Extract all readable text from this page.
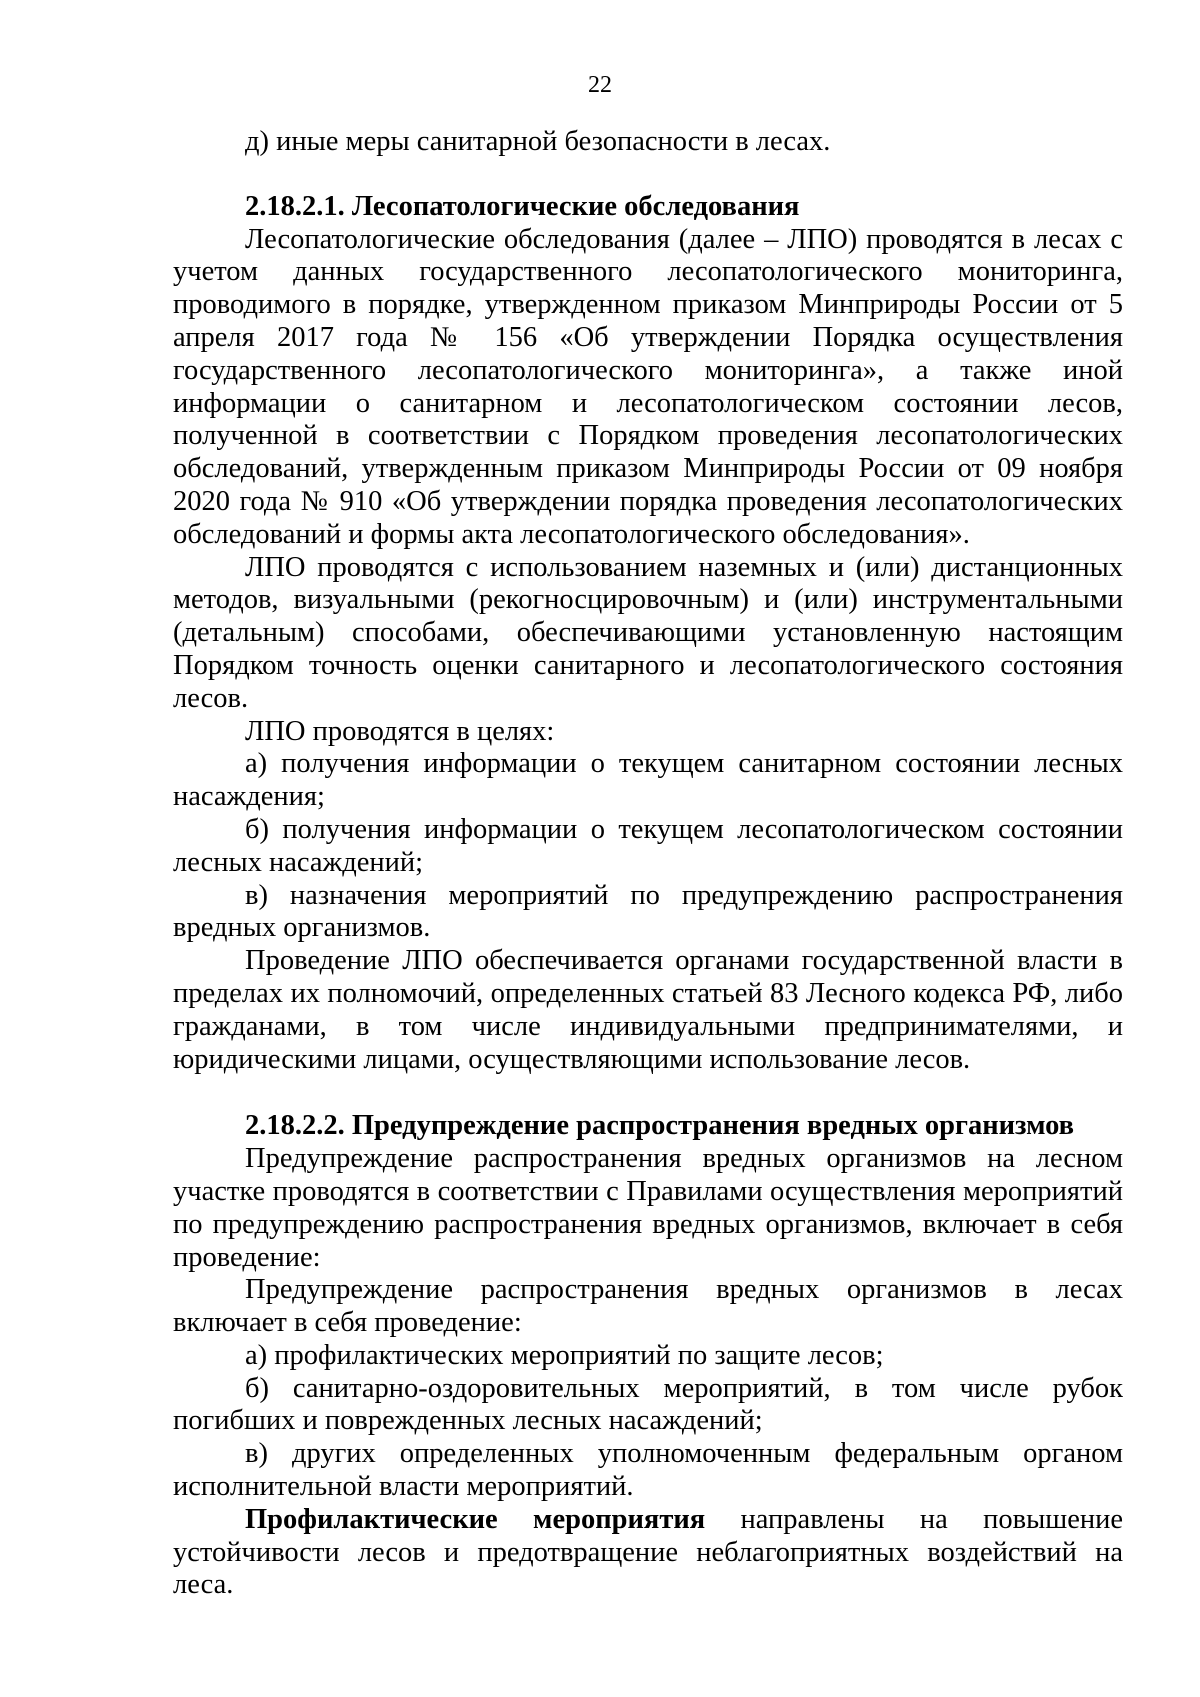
22

д) иные меры санитарной безопасности в лесах.

2.18.2.1. Лесопатологические обследования

Лесопатологические обследования (далее – ЛПО) проводятся в лесах с учетом данных государственного лесопатологического мониторинга, проводимого в порядке, утвержденном приказом Минприроды России от 5 апреля 2017 года № 156 «Об утверждении Порядка осуществления государственного лесопатологического мониторинга», а также иной информации о санитарном и лесопатологическом состоянии лесов, полученной в соответствии с Порядком проведения лесопатологических обследований, утвержденным приказом Минприроды России от 09 ноября 2020 года № 910 «Об утверждении порядка проведения лесопатологических обследований и формы акта лесопатологического обследования».

ЛПО проводятся с использованием наземных и (или) дистанционных методов, визуальными (рекогносцировочным) и (или) инструментальными (детальным) способами, обеспечивающими установленную настоящим Порядком точность оценки санитарного и лесопатологического состояния лесов.

ЛПО проводятся в целях:

а) получения информации о текущем санитарном состоянии лесных насаждения;

б) получения информации о текущем лесопатологическом состоянии лесных насаждений;

в) назначения мероприятий по предупреждению распространения вредных организмов.

Проведение ЛПО обеспечивается органами государственной власти в пределах их полномочий, определенных статьей 83 Лесного кодекса РФ, либо гражданами, в том числе индивидуальными предпринимателями, и юридическими лицами, осуществляющими использование лесов.

2.18.2.2. Предупреждение распространения вредных организмов

Предупреждение распространения вредных организмов на лесном участке проводятся в соответствии с Правилами осуществления мероприятий по предупреждению распространения вредных организмов, включает в себя проведение:

Предупреждение распространения вредных организмов в лесах включает в себя проведение:

а) профилактических мероприятий по защите лесов;

б) санитарно-оздоровительных мероприятий, в том числе рубок погибших и поврежденных лесных насаждений;

в) других определенных уполномоченным федеральным органом исполнительной власти мероприятий.

Профилактические мероприятия направлены на повышение устойчивости лесов и предотвращение неблагоприятных воздействий на леса.
